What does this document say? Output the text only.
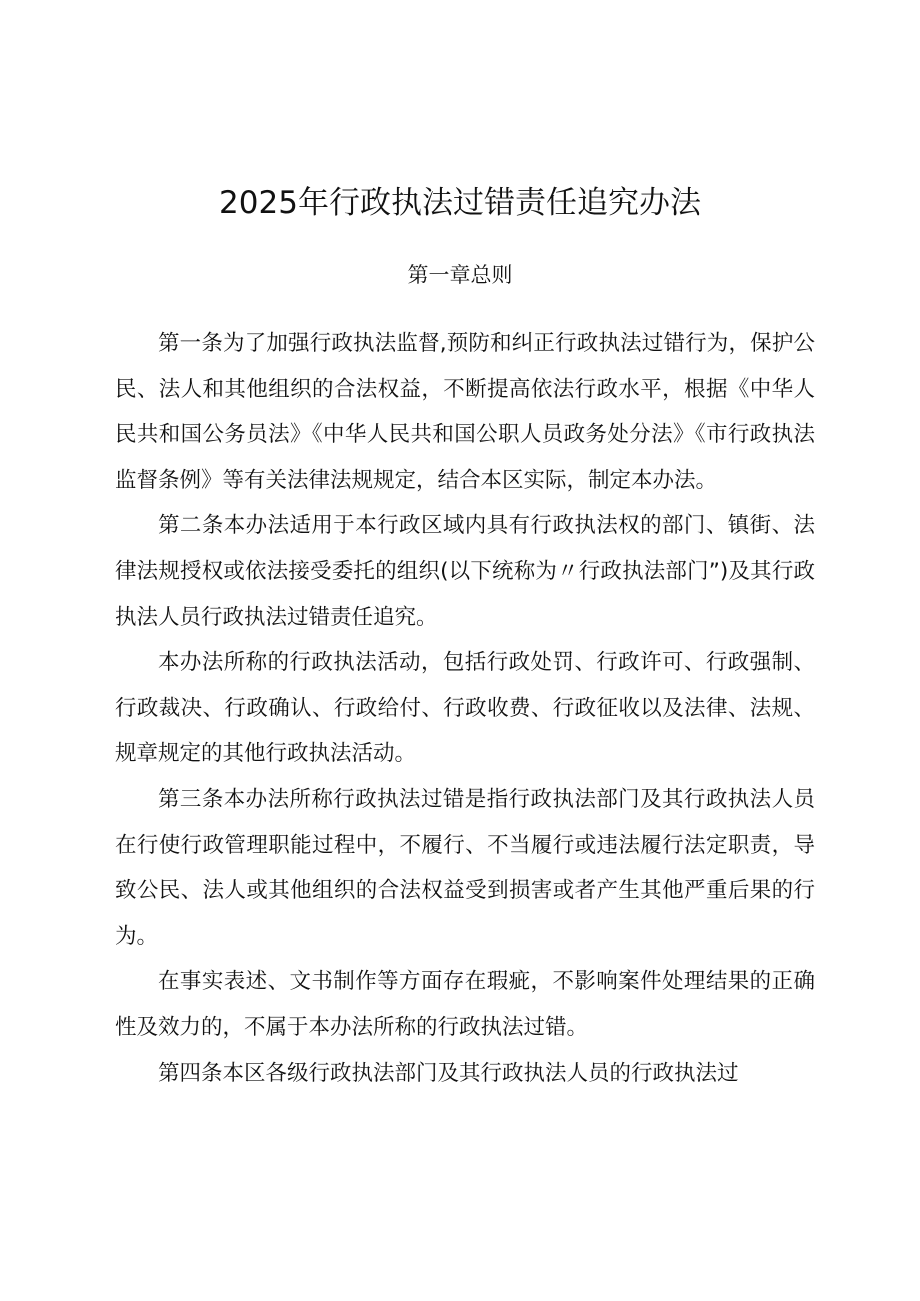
2025年行政执法过错责任追究办法
第一章总则

第一条为了加强行政执法监督,预防和纠正行政执法过错行为，保护公民、法人和其他组织的合法权益，不断提高依法行政水平，根据《中华人民共和国公务员法》《中华人民共和国公职人员政务处分法》《市行政执法监督条例》等有关法律法规规定，结合本区实际，制定本办法。

第二条本办法适用于本行政区域内具有行政执法权的部门、镇街、法律法规授权或依法接受委托的组织(以下统称为〃行政执法部门”)及其行政执法人员行政执法过错责任追究。

本办法所称的行政执法活动，包括行政处罚、行政许可、行政强制、行政裁决、行政确认、行政给付、行政收费、行政征收以及法律、法规、规章规定的其他行政执法活动。

第三条本办法所称行政执法过错是指行政执法部门及其行政执法人员在行使行政管理职能过程中，不履行、不当履行或违法履行法定职责，导致公民、法人或其他组织的合法权益受到损害或者产生其他严重后果的行为。

在事实表述、文书制作等方面存在瑕疵，不影响案件处理结果的正确性及效力的，不属于本办法所称的行政执法过错。

第四条本区各级行政执法部门及其行政执法人员的行政执法过
